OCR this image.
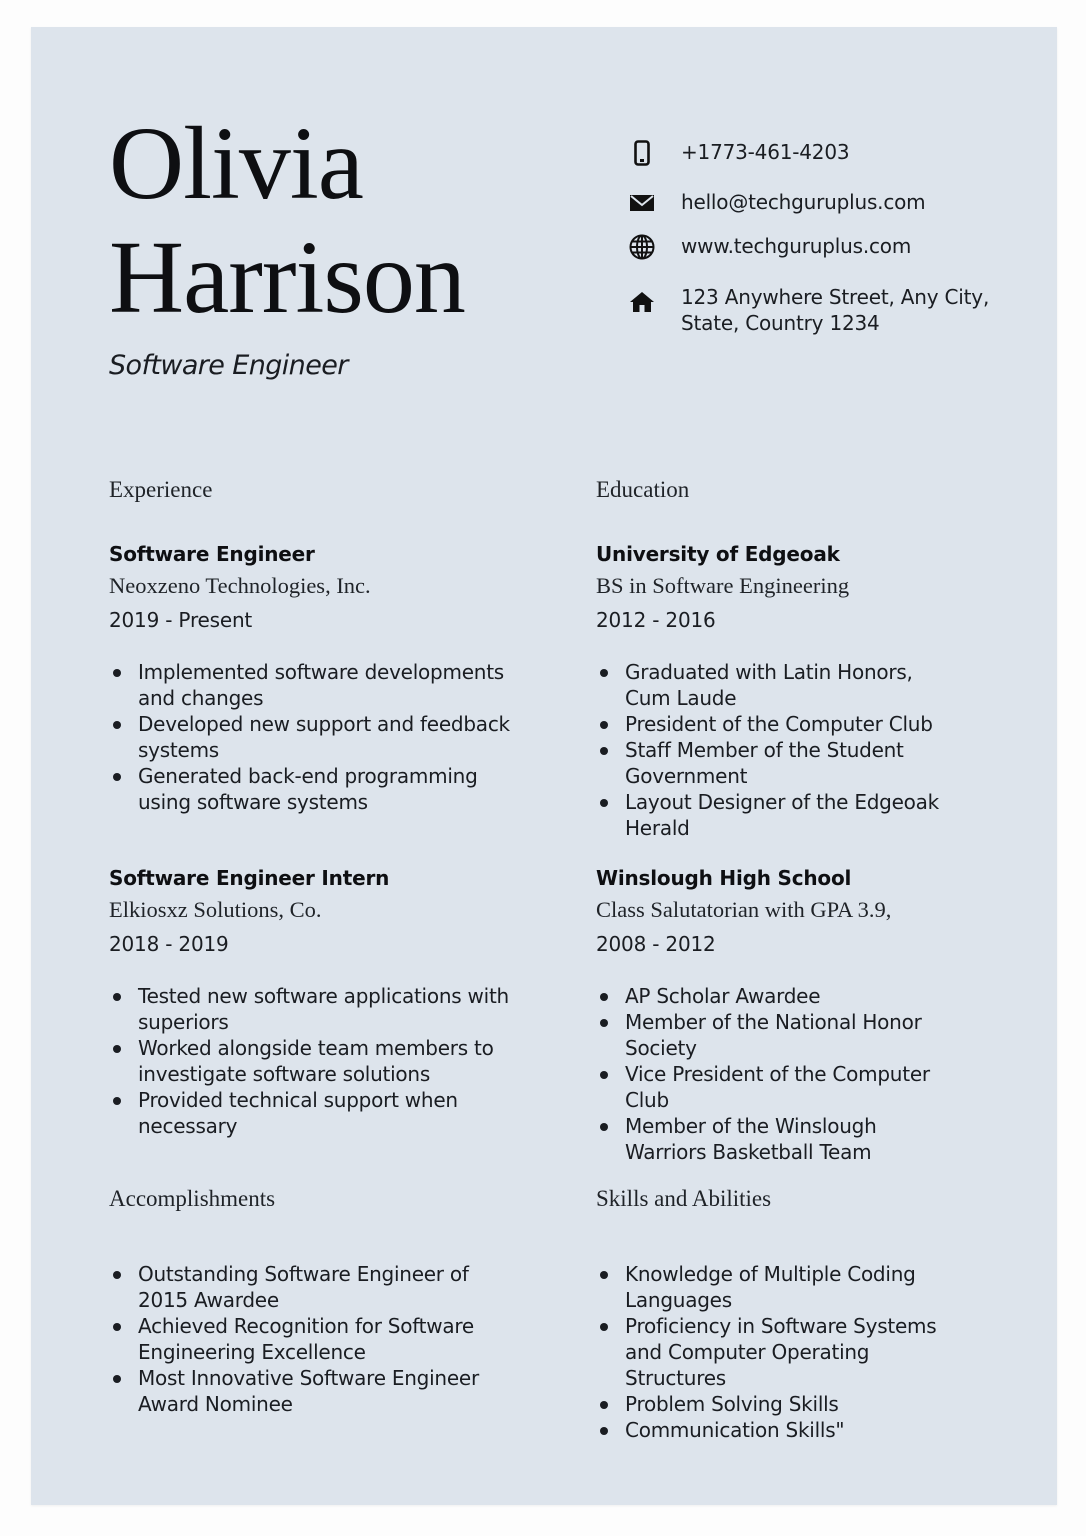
Olivia
Harrison
Software Engineer
+1773-461-4203
hello@techguruplus.com
www.techguruplus.com
123 Anywhere Street, Any City,
State, Country 1234
Experience
Software Engineer
Neoxzeno Technologies, Inc.
2019 - Present
Implemented software developments and changes
Developed new support and feedback systems
Generated back-end programming using software systems
Software Engineer Intern
Elkiosxz Solutions, Co.
2018 - 2019
Tested new software applications with superiors
Worked alongside team members to investigate software solutions
Provided technical support when necessary
Education
University of Edgeoak
BS in Software Engineering
2012 - 2016
Graduated with Latin Honors, Cum Laude
President of the Computer Club
Staff Member of the Student Government
Layout Designer of the Edgeoak Herald
Winslough High School
Class Salutatorian with GPA 3.9,
2008 - 2012
AP Scholar Awardee
Member of the National Honor Society
Vice President of the Computer Club
Member of the Winslough Warriors Basketball Team
Accomplishments
Outstanding Software Engineer of 2015 Awardee
Achieved Recognition for Software Engineering Excellence
Most Innovative Software Engineer Award Nominee
Skills and Abilities
Knowledge of Multiple Coding Languages
Proficiency in Software Systems and Computer Operating Structures
Problem Solving Skills
Communication Skills"
